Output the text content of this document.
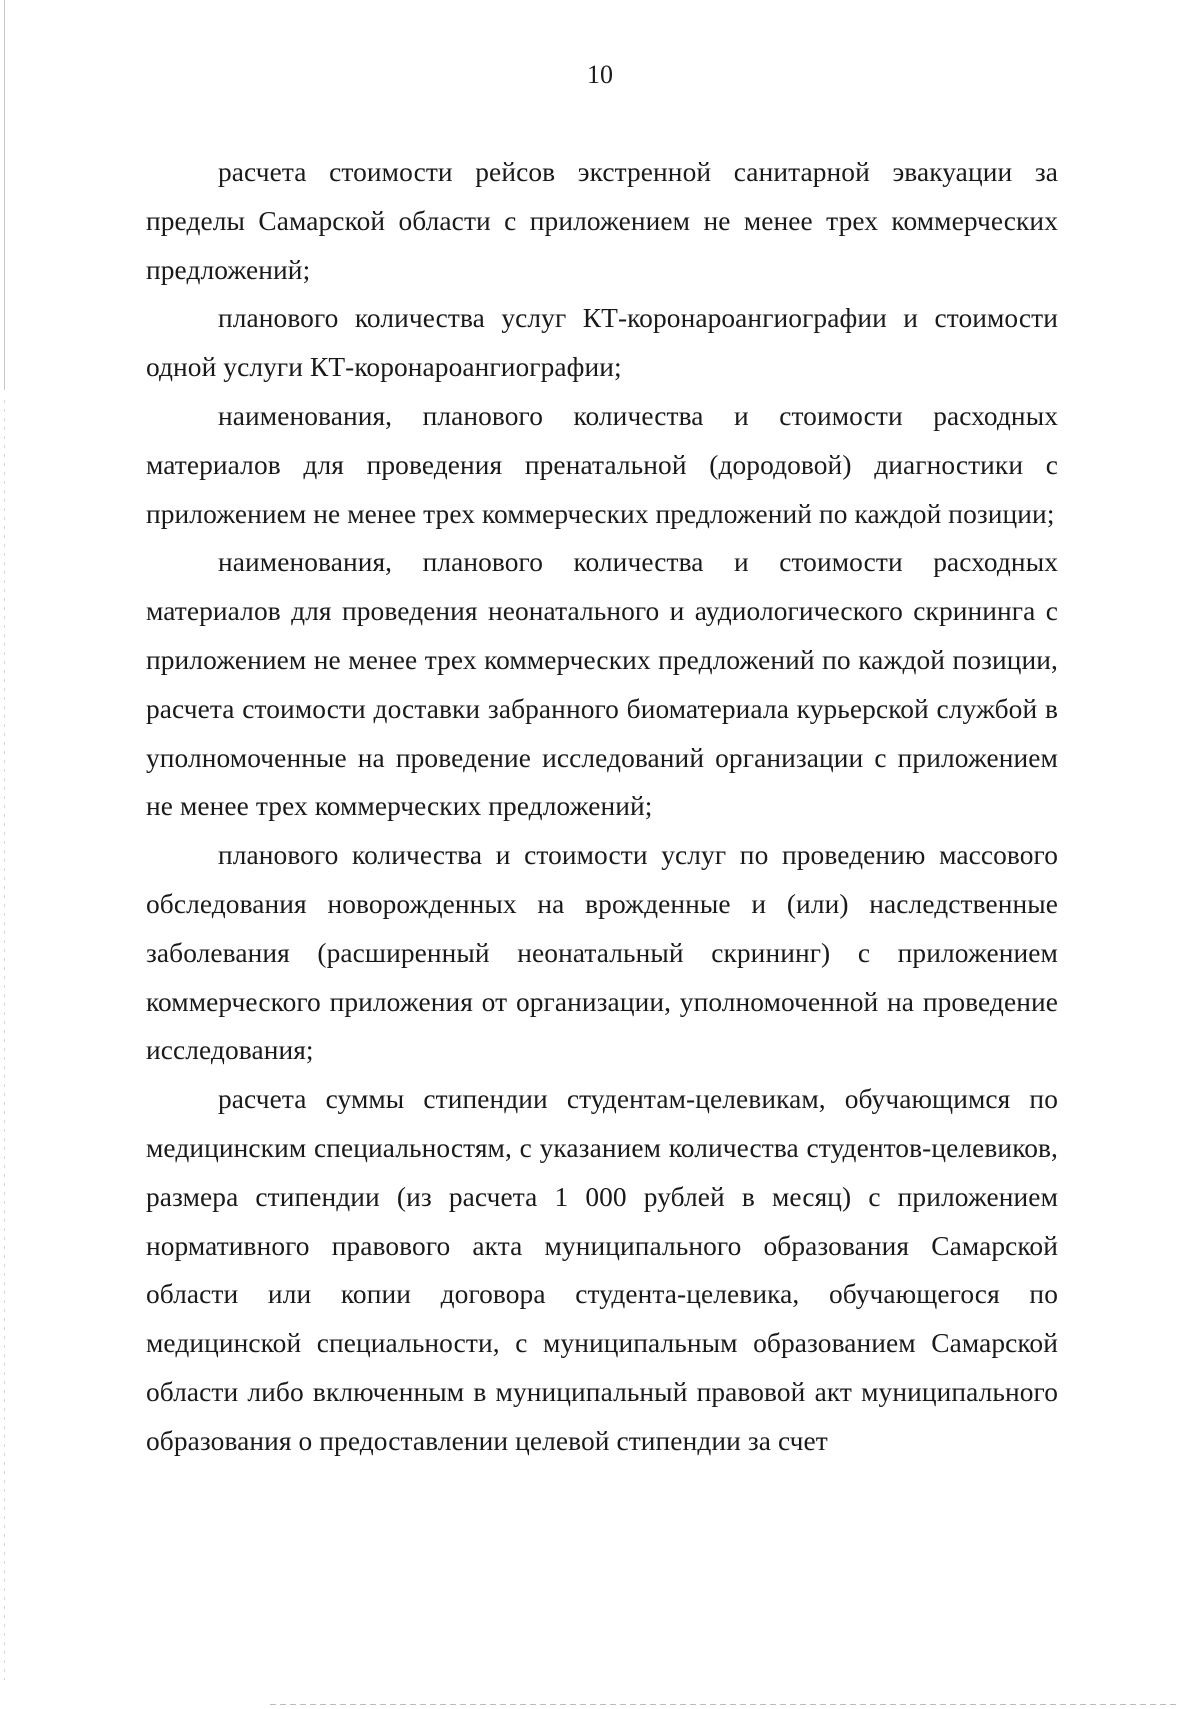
10

расчета стоимости рейсов экстренной санитарной эвакуации за пределы Самарской области с приложением не менее трех коммерческих предложений;

планового количества услуг КТ-коронароангиографии и стоимости одной услуги КТ-коронароангиографии;

наименования, планового количества и стоимости расходных материалов для проведения пренатальной (дородовой) диагностики с приложением не менее трех коммерческих предложений по каждой позиции;

наименования, планового количества и стоимости расходных материалов для проведения неонатального и аудиологического скрининга с приложением не менее трех коммерческих предложений по каждой позиции, расчета стоимости доставки забранного биоматериала курьерской службой в уполномоченные на проведение исследований организации с приложением не менее трех коммерческих предложений;

планового количества и стоимости услуг по проведению массового обследования новорожденных на врожденные и (или) наследственные заболевания (расширенный неонатальный скрининг) с приложением коммерческого приложения от организации, уполномоченной на проведение исследования;

расчета суммы стипендии студентам-целевикам, обучающимся по медицинским специальностям, с указанием количества студентов-целевиков, размера стипендии (из расчета 1 000 рублей в месяц) с приложением нормативного правового акта муниципального образования Самарской области или копии договора студента-целевика, обучающегося по медицинской специальности, с муниципальным образованием Самарской области либо включенным в муниципальный правовой акт муниципального образования о предоставлении целевой стипендии за счет
